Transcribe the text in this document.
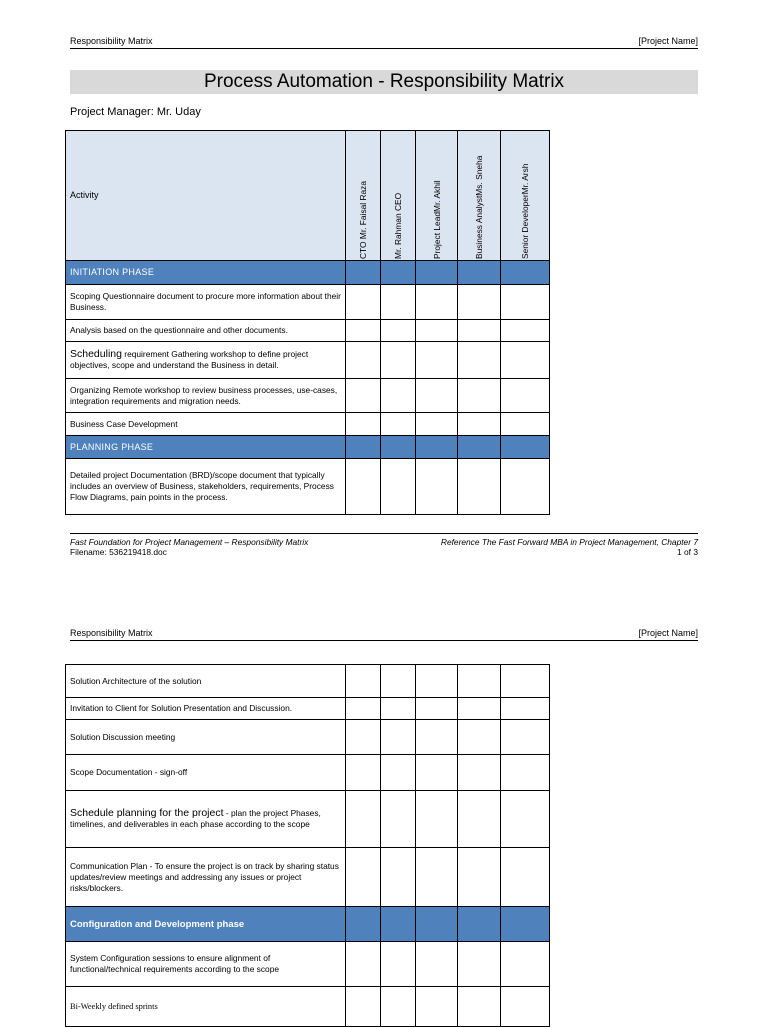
Responsibility Matrix	[Project Name]
Process Automation - Responsibility Matrix
Project Manager: Mr. Uday
Activity	CTO Mr. Faisal Raza	Mr. Rahman CEO	Project LeadMr. Akhil	Business AnalystMs. Sneha	Senior DeveloperMr. Arsh

INITIATION PHASE					
Scoping Questionnaire document to procure more information about their Business.					
Analysis based on the questionnaire and other documents.					
Scheduling requirement Gathering workshop to define project objectives, scope and understand the Business in detail.					
Organizing Remote workshop to review business processes, use-cases, integration requirements and migration needs.					
Business Case Development					
PLANNING PHASE					
Detailed project Documentation (BRD)/scope document that typically includes an overview of Business, stakeholders, requirements, Process Flow Diagrams, pain points in the process.					
Fast Foundation for Project Management – Responsibility Matrix
Filename: 536219418.doc
Reference The Fast Forward MBA in Project Management, Chapter 7
1 of 3
Responsibility Matrix	[Project Name]
Solution Architecture of the solution					
Invitation to Client for Solution Presentation and Discussion.					
Solution Discussion meeting					
Scope Documentation - sign-off					
Schedule planning for the project - plan the project Phases, timelines, and deliverables in each phase according to the scope					
Communication Plan - To ensure the project is on track by sharing status updates/review meetings and addressing any issues or project risks/blockers.					
Configuration and Development phase					
System Configuration sessions to ensure alignment of functional/technical requirements according to the scope					
Bi-Weekly defined sprints					
